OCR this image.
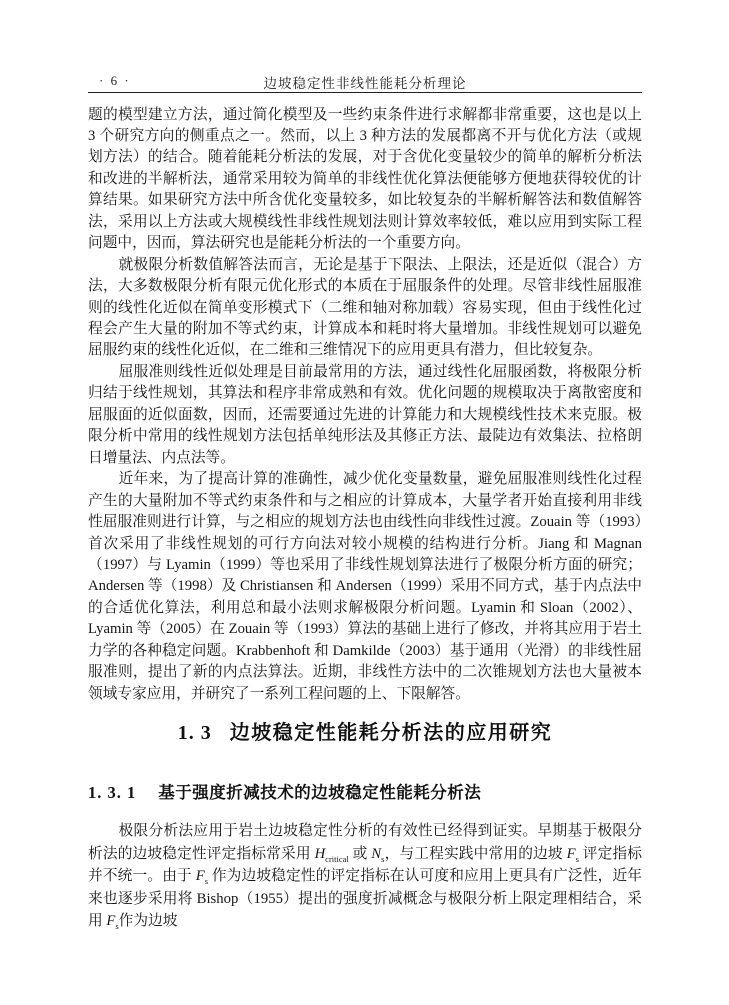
· 6 ·	边坡稳定性非线性能耗分析理论

题的模型建立方法，通过简化模型及一些约束条件进行求解都非常重要，这也是以上 3 个研究方向的侧重点之一。然而，以上 3 种方法的发展都离不开与优化方法（或规划方法）的结合。随着能耗分析法的发展，对于含优化变量较少的简单的解析分析法和改进的半解析法，通常采用较为简单的非线性优化算法便能够方便地获得较优的计算结果。如果研究方法中所含优化变量较多，如比较复杂的半解析解答法和数值解答法，采用以上方法或大规模线性非线性规划法则计算效率较低，难以应用到实际工程问题中，因而，算法研究也是能耗分析法的一个重要方向。

就极限分析数值解答法而言，无论是基于下限法、上限法，还是近似（混合）方法，大多数极限分析有限元优化形式的本质在于屈服条件的处理。尽管非线性屈服准则的线性化近似在简单变形模式下（二维和轴对称加载）容易实现，但由于线性化过程会产生大量的附加不等式约束，计算成本和耗时将大量增加。非线性规划可以避免屈服约束的线性化近似，在二维和三维情况下的应用更具有潜力，但比较复杂。

屈服准则线性近似处理是目前最常用的方法，通过线性化屈服函数，将极限分析归结于线性规划，其算法和程序非常成熟和有效。优化问题的规模取决于离散密度和屈服面的近似面数，因而，还需要通过先进的计算能力和大规模线性技术来克服。极限分析中常用的线性规划方法包括单纯形法及其修正方法、最陡边有效集法、拉格朗日增量法、内点法等。

近年来，为了提高计算的准确性，减少优化变量数量，避免屈服准则线性化过程产生的大量附加不等式约束条件和与之相应的计算成本，大量学者开始直接利用非线性屈服准则进行计算，与之相应的规划方法也由线性向非线性过渡。Zouain 等（1993）首次采用了非线性规划的可行方向法对较小规模的结构进行分析。Jiang 和 Magnan（1997）与 Lyamin（1999）等也采用了非线性规划算法进行了极限分析方面的研究；Andersen 等（1998）及 Christiansen 和 Andersen（1999）采用不同方式，基于内点法中的合适优化算法，利用总和最小法则求解极限分析问题。Lyamin 和 Sloan（2002）、Lyamin 等（2005）在 Zouain 等（1993）算法的基础上进行了修改，并将其应用于岩土力学的各种稳定问题。Krabbenhoft 和 Damkilde（2003）基于通用（光滑）的非线性屈服准则，提出了新的内点法算法。近期，非线性方法中的二次锥规划方法也大量被本领域专家应用，并研究了一系列工程问题的上、下限解答。

1. 3 边坡稳定性能耗分析法的应用研究
1. 3. 1 基于强度折减技术的边坡稳定性能耗分析法

极限分析法应用于岩土边坡稳定性分析的有效性已经得到证实。早期基于极限分析法的边坡稳定性评定指标常采用 $H_{critical}$ 或 $N_s$，与工程实践中常用的边坡 $F_s$ 评定指标并不统一。由于 $F_s$ 作为边坡稳定性的评定指标在认可度和应用上更具有广泛性，近年来也逐步采用将 Bishop（1955）提出的强度折减概念与极限分析上限定理相结合，采用 $F_s$作为边坡
